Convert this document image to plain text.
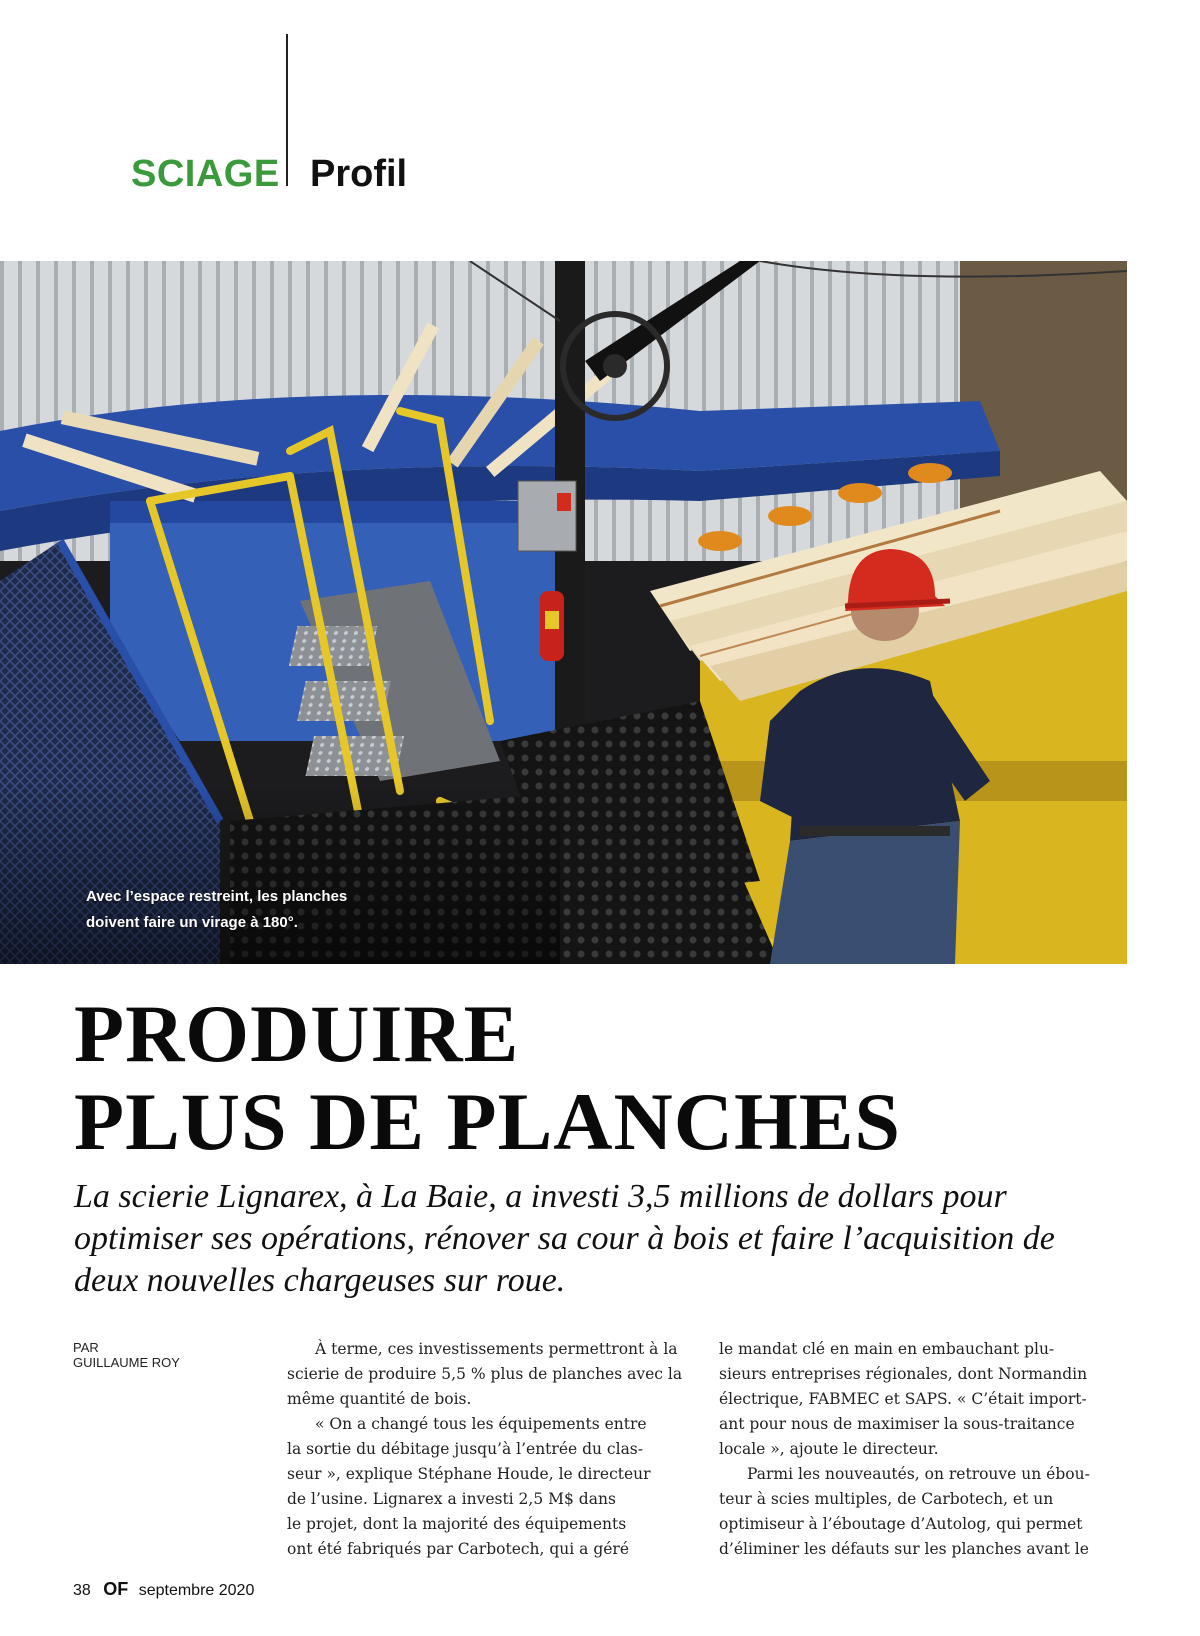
SCIAGE Profil
Avec l’espace restreint, les planches
doivent faire un virage à 180°.
PRODUIRE
PLUS DE PLANCHES
La scierie Lignarex, à La Baie, a investi 3,5 millions de dollars pour
optimiser ses opérations, rénover sa cour à bois et faire l’acquisition de
deux nouvelles chargeuses sur roue.
PAR
GUILLAUME ROY

À terme, ces investissements permettront à la
scierie de produire 5,5 % plus de planches avec la
même quantité de bois.

« On a changé tous les équipements entre
la sortie du débitage jusqu’à l’entrée du clas-
seur », explique Stéphane Houde, le directeur
de l’usine. Lignarex a investi 2,5 M$ dans
le projet, dont la majorité des équipements
ont été fabriqués par Carbotech, qui a géré

le mandat clé en main en embauchant plu-
sieurs entreprises régionales, dont Normandin
électrique, FABMEC et SAPS. « C’était import-
ant pour nous de maximiser la sous-traitance
locale », ajoute le directeur.

Parmi les nouveautés, on retrouve un ébou-
teur à scies multiples, de Carbotech, et un
optimiseur à l’éboutage d’Autolog, qui permet
d’éliminer les défauts sur les planches avant le

38 OF septembre 2020
